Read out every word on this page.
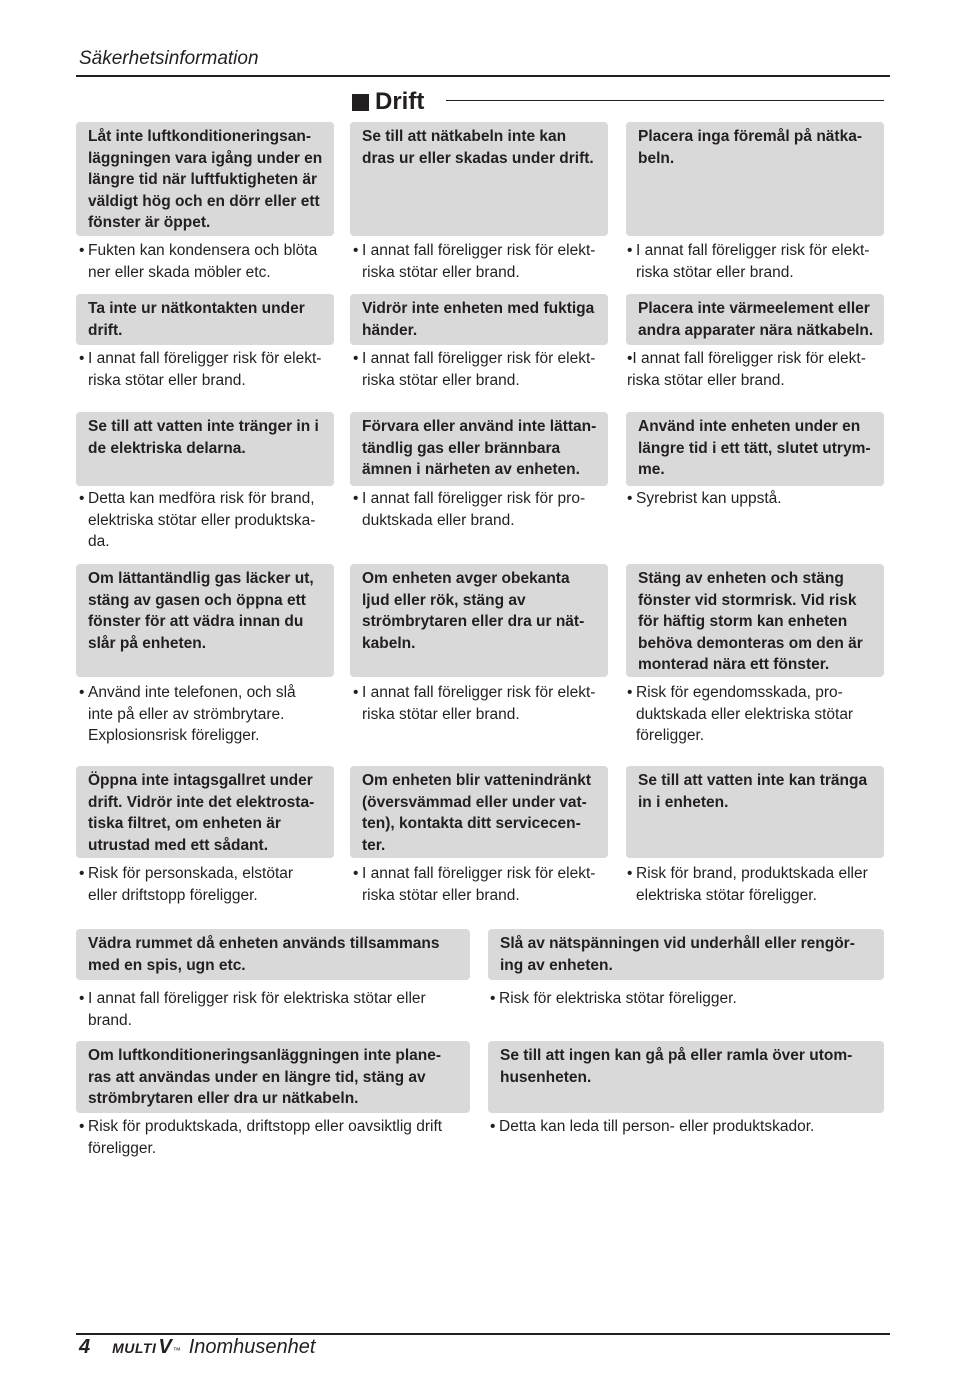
Säkerhetsinformation
Drift
Låt inte luftkonditioneringsan-
läggningen vara igång under en
längre tid när luftfuktigheten är
väldigt hög och en dörr eller ett
fönster är öppet.
Se till att nätkabeln inte kan
dras ur eller skadas under drift.
Placera inga föremål på nätka-
beln.
• Fukten kan kondensera och blöta
ner eller skada möbler etc.
• I annat fall föreligger risk för elekt-
riska stötar eller brand.
• I annat fall föreligger risk för elekt-
riska stötar eller brand.
Ta inte ur nätkontakten under
drift.
Vidrör inte enheten med fuktiga
händer.
Placera inte värmeelement eller
andra apparater nära nätkabeln.
• I annat fall föreligger risk för elekt-
riska stötar eller brand.
• I annat fall föreligger risk för elekt-
riska stötar eller brand.
•I annat fall föreligger risk för elekt-
riska stötar eller brand.
Se till att vatten inte tränger in i
de elektriska delarna.
Förvara eller använd inte lättan-
tändlig gas eller brännbara
ämnen i närheten av enheten.
Använd inte enheten under en
längre tid i ett tätt, slutet utrym-
me.
• Detta kan medföra risk för brand,
elektriska stötar eller produktska-
da.
• I annat fall föreligger risk för pro-
duktskada eller brand.
• Syrebrist kan uppstå.
Om lättantändlig gas läcker ut,
stäng av gasen och öppna ett
fönster för att vädra innan du
slår på enheten.
Om enheten avger obekanta
ljud eller rök, stäng av
strömbrytaren eller dra ur nät-
kabeln.
Stäng av enheten och stäng
fönster vid stormrisk. Vid risk
för häftig storm kan enheten
behöva demonteras om den är
monterad nära ett fönster.
• Använd inte telefonen, och slå
inte på eller av strömbrytare.
Explosionsrisk föreligger.
• I annat fall föreligger risk för elekt-
riska stötar eller brand.
• Risk för egendomsskada, pro-
duktskada eller elektriska stötar
föreligger.
Öppna inte intagsgallret under
drift. Vidrör inte det elektrosta-
tiska filtret, om enheten är
utrustad med ett sådant.
Om enheten blir vattenindränkt
(översvämmad eller under vat-
ten), kontakta ditt servicecen-
ter.
Se till att vatten inte kan tränga
in i enheten.
• Risk för personskada, elstötar
eller driftstopp föreligger.
• I annat fall föreligger risk för elekt-
riska stötar eller brand.
• Risk för brand, produktskada eller
elektriska stötar föreligger.
Vädra rummet då enheten används tillsammans
med en spis, ugn etc.
Slå av nätspänningen vid underhåll eller rengör-
ing av enheten.
• I annat fall föreligger risk för elektriska stötar eller
brand.
• Risk för elektriska stötar föreligger.
Om luftkonditioneringsanläggningen inte plane-
ras att användas under en längre tid, stäng av
strömbrytaren eller dra ur nätkabeln.
Se till att ingen kan gå på eller ramla över utom-
husenheten.
• Risk för produktskada, driftstopp eller oavsiktlig drift
föreligger.
• Detta kan leda till person- eller produktskador.
4 MULTI V ™ Inomhusenhet
